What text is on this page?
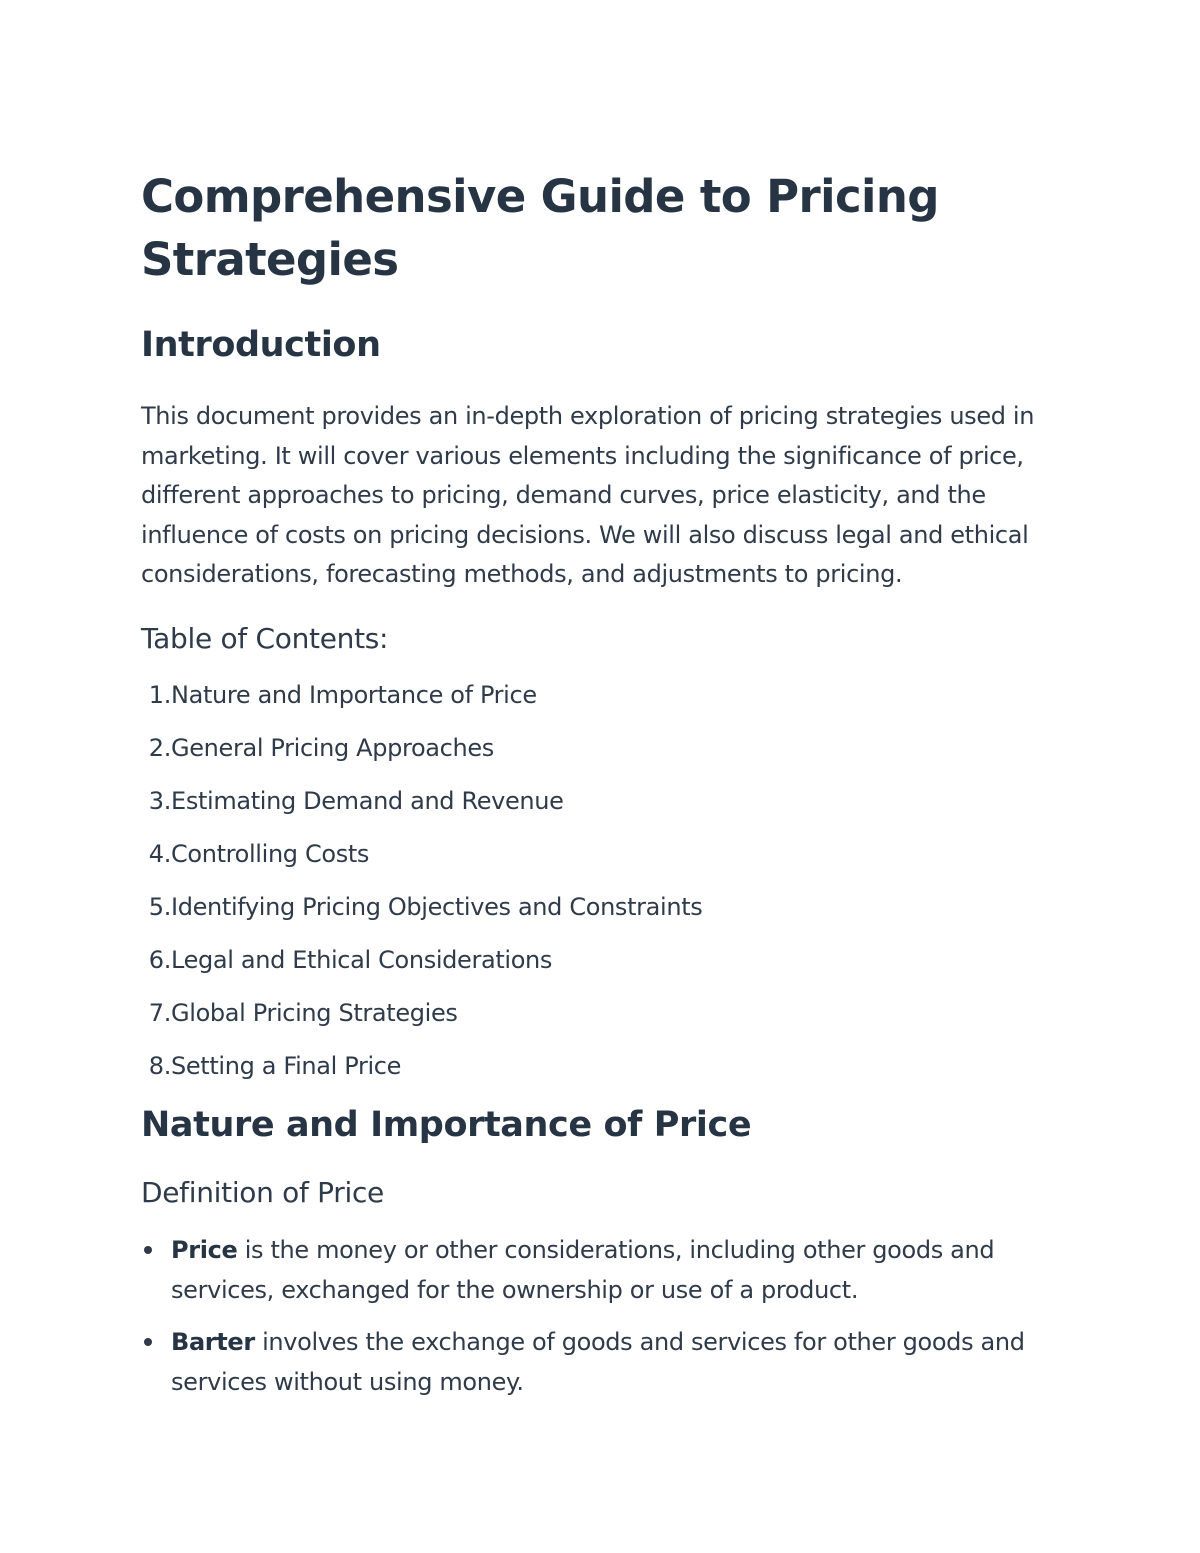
Comprehensive Guide to Pricing Strategies
Introduction

This document provides an in-depth exploration of pricing strategies used in marketing. It will cover various elements including the significance of price, different approaches to pricing, demand curves, price elasticity, and the influence of costs on pricing decisions. We will also discuss legal and ethical considerations, forecasting methods, and adjustments to pricing.

Table of Contents:
1. Nature and Importance of Price
2. General Pricing Approaches
3. Estimating Demand and Revenue
4. Controlling Costs
5. Identifying Pricing Objectives and Constraints
6. Legal and Ethical Considerations
7. Global Pricing Strategies
8. Setting a Final Price
Nature and Importance of Price
Definition of Price
Price is the money or other considerations, including other goods and services, exchanged for the ownership or use of a product.
Barter involves the exchange of goods and services for other goods and services without using money.
